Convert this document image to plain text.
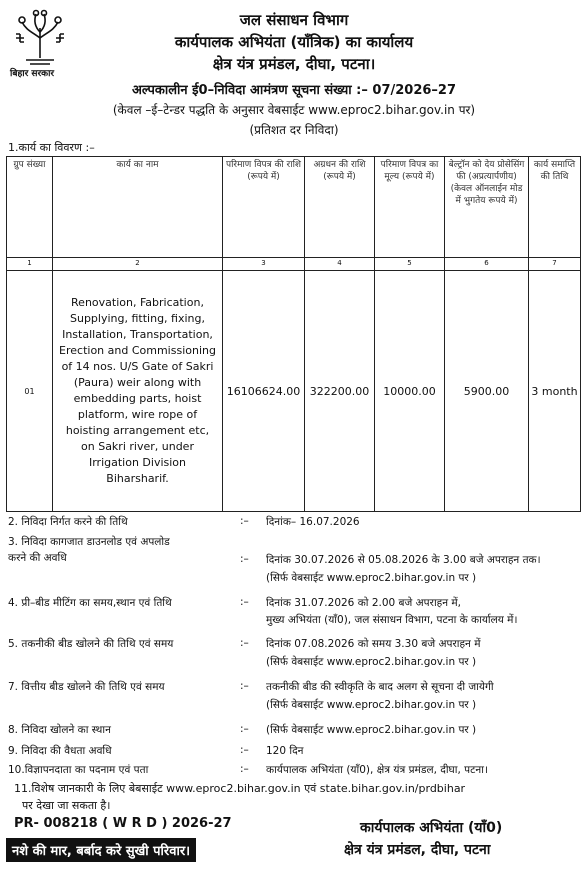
बिहार सरकार
जल संसाधन विभाग
कार्यपालक अभियंता (यॉंत्रिक) का कार्यालय
क्षेत्र यंत्र प्रमंडल, दीघा, पटना।
अल्पकालीन ई0–निविदा आमंत्रण सूचना संख्या :– 07/2026–27
(केवल –ई–टेन्डर पद्धति के अनुसार वेबसाईट www.eproc2.bihar.gov.in पर)
(प्रतिशत दर निविदा)
1.कार्य का विवरण :–
ग्रुप संख्या	कार्य का नाम	परिमाण विपत्र की राशि (रूपये में)	अग्रधन की राशि (रूपये में)	परिमाण विपत्र का मूल्य (रूपये में)	बेल्ट्रॉन को देय प्रोसेसिंग फी (अप्रत्यार्पणीय) (केवल ऑनलाईन मोड में भुगतेय रूपये में)	कार्य समाप्ति की तिथि
1	2	3	4	5	6	7
01	Renovation, Fabrication, Supplying, fitting, fixing, Installation, Transportation, Erection and Commissioning of 14 nos. U/S Gate of Sakri (Paura) weir along with embedding parts, hoist platform, wire rope of hoisting arrangement etc, on Sakri river, under Irrigation Division Biharsharif.	16106624.00	322200.00	10000.00	5900.00	3 month
2. निविदा निर्गत करने की तिथि	:– दिनांक– 16.07.2026
3. निविदा कागजात डाउनलोड एवं अपलोड
करने की अवधि	:– दिनांक 30.07.2026 से 05.08.2026 के 3.00 बजे अपराहन तक।
(सिर्फ वेबसाईट www.eproc2.bihar.gov.in पर )
4. प्री–बीड मीटिंग का समय,स्थान एवं तिथि	:– दिनांक 31.07.2026 को 2.00 बजे अपराहन में,
मुख्य अभियंता (यॉं0), जल संसाधन विभाग, पटना के कार्यालय में।
5. तकनीकी बीड खोलने की तिथि एवं समय	:– दिनांक 07.08.2026 को समय 3.30 बजे अपराहन में
(सिर्फ वेबसाईट www.eproc2.bihar.gov.in पर )
7. वित्तीय बीड खोलने की तिथि एवं समय	:– तकनीकी बीड की स्वीकृति के बाद अलग से सूचना दी जायेगी
(सिर्फ वेबसाईट www.eproc2.bihar.gov.in पर )
8. निविदा खोलने का स्थान	:– (सिर्फ वेबसाईट www.eproc2.bihar.gov.in पर )
9. निविदा की वैधता अवधि	:– 120 दिन
10.विज्ञापनदाता का पदनाम एवं पता	:– कार्यपालक अभियंता (यॉं0), क्षेत्र यंत्र प्रमंडल, दीघा, पटना।
11.विशेष जानकारी के लिए बेबसाईट www.eproc2.bihar.gov.in एवं state.bihar.gov.in/prdbihar
पर देखा जा सकता है।
PR- 008218 ( W R D ) 2026-27
नशे की मार, बर्बाद करे सुखी परिवार।
कार्यपालक अभियंता (यॉं0)
क्षेत्र यंत्र प्रमंडल, दीघा, पटना
